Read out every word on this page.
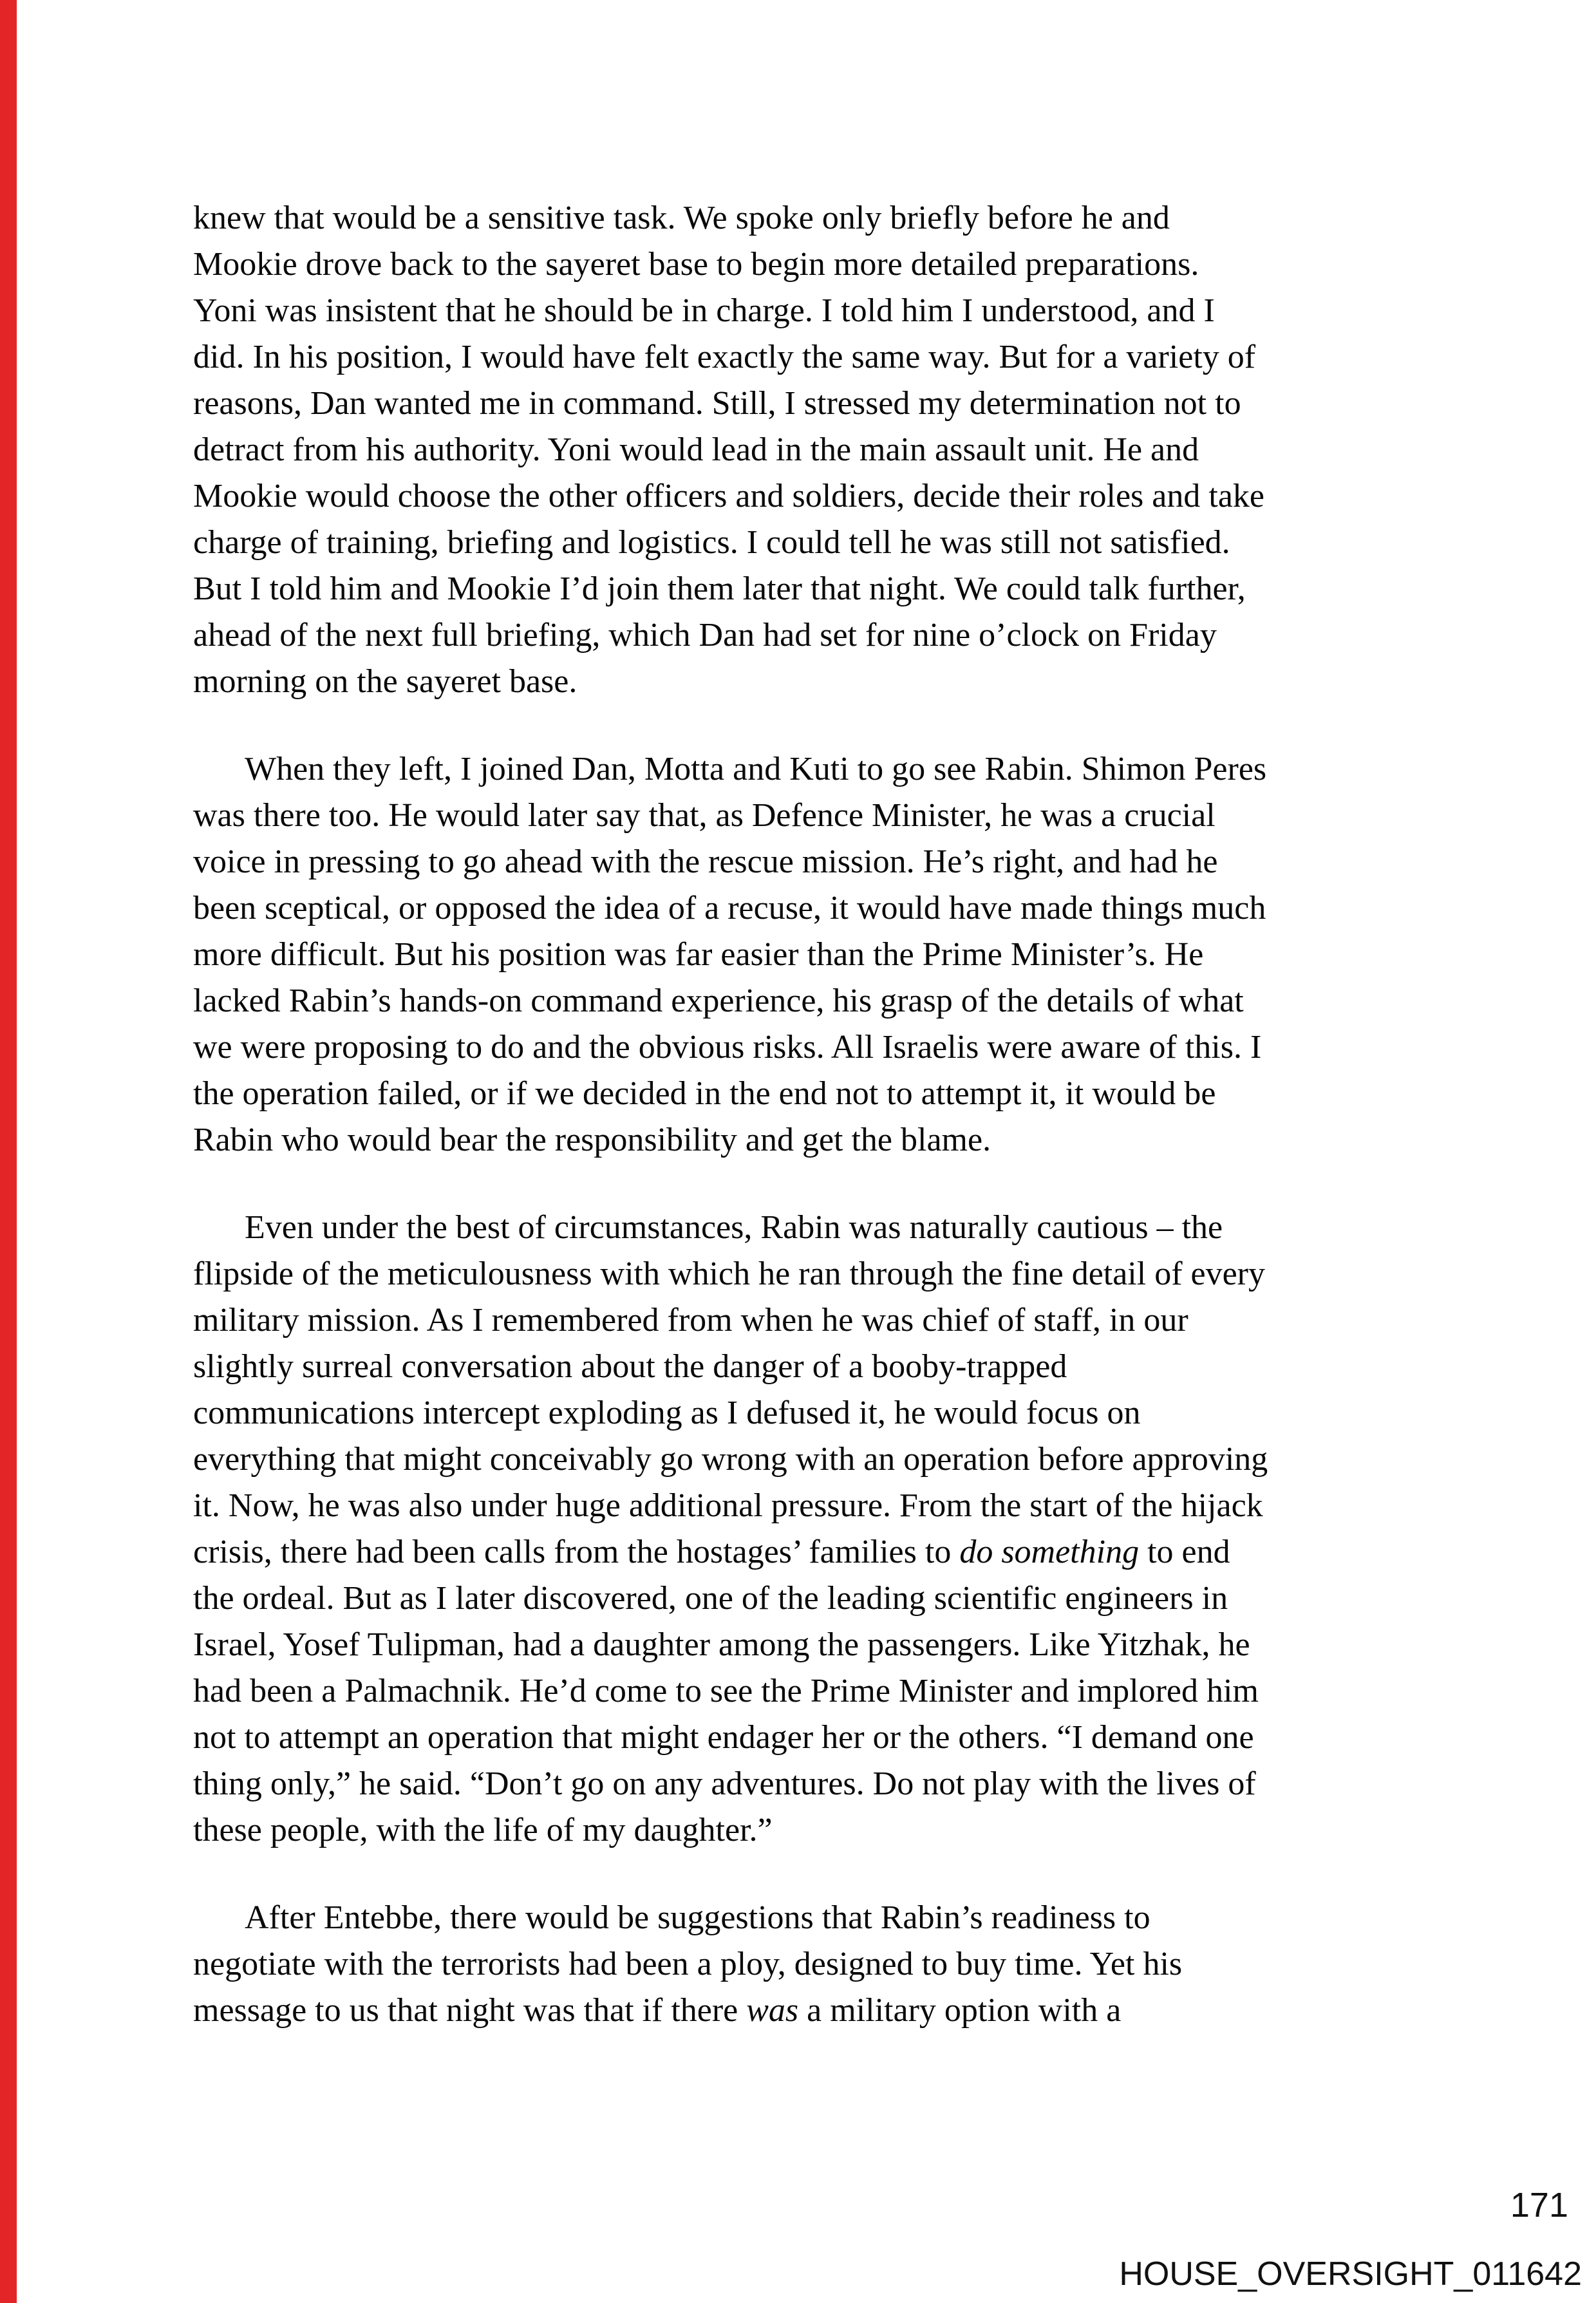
knew that would be a sensitive task. We spoke only briefly before he and
Mookie drove back to the sayeret base to begin more detailed preparations.
Yoni was insistent that he should be in charge. I told him I understood, and I
did. In his position, I would have felt exactly the same way. But for a variety of
reasons, Dan wanted me in command. Still, I stressed my determination not to
detract from his authority. Yoni would lead in the main assault unit. He and
Mookie would choose the other officers and soldiers, decide their roles and take
charge of training, briefing and logistics. I could tell he was still not satisfied.
But I told him and Mookie I’d join them later that night. We could talk further,
ahead of the next full briefing, which Dan had set for nine o’clock on Friday
morning on the sayeret base.
When they left, I joined Dan, Motta and Kuti to go see Rabin. Shimon Peres
was there too. He would later say that, as Defence Minister, he was a crucial
voice in pressing to go ahead with the rescue mission. He’s right, and had he
been sceptical, or opposed the idea of a recuse, it would have made things much
more difficult. But his position was far easier than the Prime Minister’s. He
lacked Rabin’s hands-on command experience, his grasp of the details of what
we were proposing to do and the obvious risks. All Israelis were aware of this. I
the operation failed, or if we decided in the end not to attempt it, it would be
Rabin who would bear the responsibility and get the blame.
Even under the best of circumstances, Rabin was naturally cautious – the
flipside of the meticulousness with which he ran through the fine detail of every
military mission. As I remembered from when he was chief of staff, in our
slightly surreal conversation about the danger of a booby-trapped
communications intercept exploding as I defused it, he would focus on
everything that might conceivably go wrong with an operation before approving
it. Now, he was also under huge additional pressure. From the start of the hijack
crisis, there had been calls from the hostages’ families to do something to end
the ordeal. But as I later discovered, one of the leading scientific engineers in
Israel, Yosef Tulipman, had a daughter among the passengers. Like Yitzhak, he
had been a Palmachnik. He’d come to see the Prime Minister and implored him
not to attempt an operation that might endager her or the others. “I demand one
thing only,” he said. “Don’t go on any adventures. Do not play with the lives of
these people, with the life of my daughter.”
After Entebbe, there would be suggestions that Rabin’s readiness to
negotiate with the terrorists had been a ploy, designed to buy time. Yet his
message to us that night was that if there was a military option with a
171
HOUSE_OVERSIGHT_011642
